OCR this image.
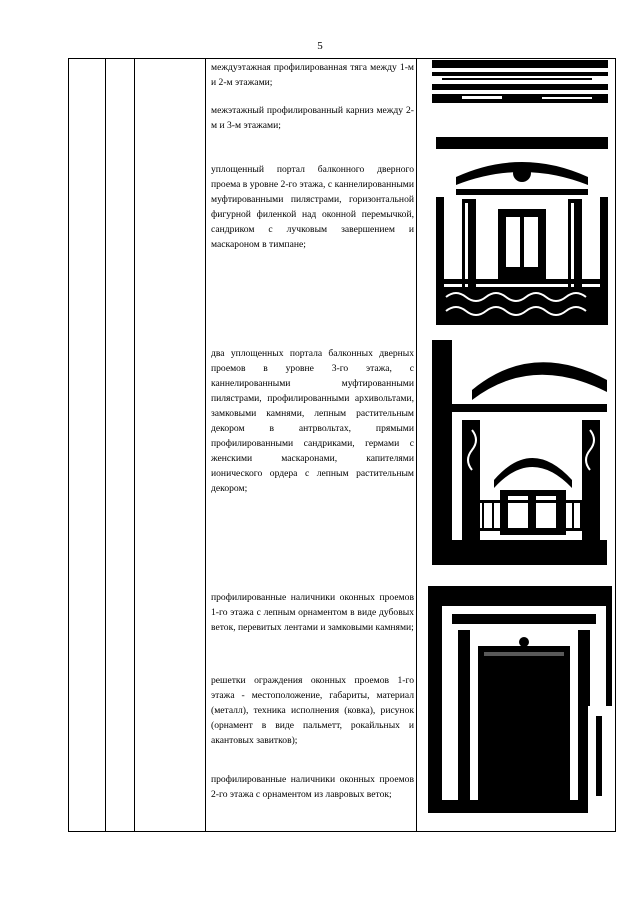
5
междуэтажная профилированная тяга между 1-м и 2-м этажами;
межэтажный профилированный карниз между 2-м и 3-м этажами;
уплощенный портал балконного дверного проема в уровне 2-го этажа, с каннелированными муфтированными пилястрами, горизонтальной фигурной филенкой над оконной перемычкой, сандриком с лучковым завершением и маскароном в тимпане;
два уплощенных портала балконных дверных проемов в уровне 3-го этажа, с каннелированными муфтированными пилястрами, профилированными архивольтами, замковыми камнями, лепным растительным декором в антрвольтах, прямыми профилированными сандриками, гермами с женскими маскаронами, капителями ионического ордера с лепным растительным декором;
профилированные наличники оконных проемов 1-го этажа с лепным орнаментом в виде дубовых веток, перевитых лентами и замковыми камнями;
решетки ограждения оконных проемов 1-го этажа - местоположение, габариты, материал (металл), техника исполнения (ковка), рисунок (орнамент в виде пальметт, рокайльных и акантовых завитков);
профилированные наличники оконных проемов 2-го этажа с орнаментом из лавровых веток;
